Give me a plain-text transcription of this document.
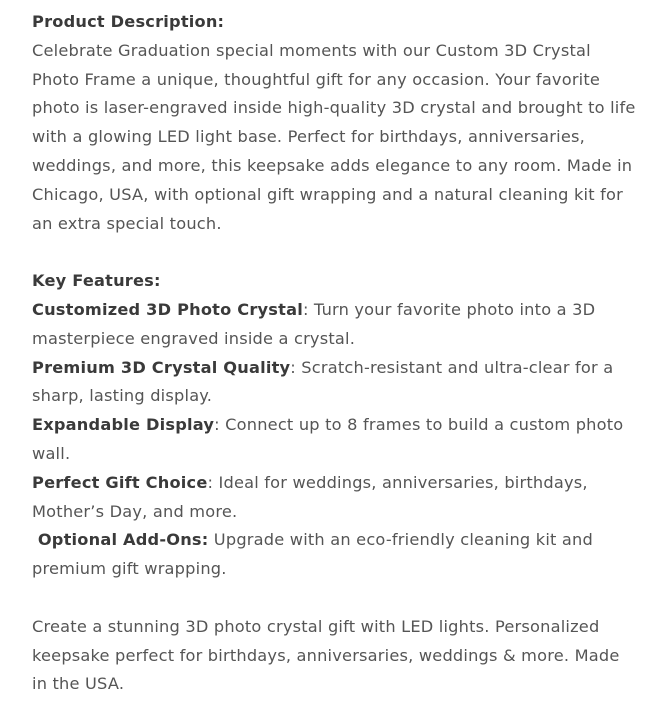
Product Description:

Celebrate Graduation special moments with our Custom 3D Crystal Photo Frame a unique, thoughtful gift for any occasion. Your favorite photo is laser-engraved inside high-quality 3D crystal and brought to life with a glowing LED light base. Perfect for birthdays, anniversaries, weddings, and more, this keepsake adds elegance to any room. Made in Chicago, USA, with optional gift wrapping and a natural cleaning kit for an extra special touch.

Key Features:

Customized 3D Photo Crystal: Turn your favorite photo into a 3D masterpiece engraved inside a crystal.

Premium 3D Crystal Quality: Scratch-resistant and ultra-clear for a sharp, lasting display.

Expandable Display: Connect up to 8 frames to build a custom photo wall.

Perfect Gift Choice: Ideal for weddings, anniversaries, birthdays, Mother’s Day, and more.

Optional Add-Ons: Upgrade with an eco-friendly cleaning kit and premium gift wrapping.

Create a stunning 3D photo crystal gift with LED lights. Personalized keepsake perfect for birthdays, anniversaries, weddings & more. Made in the USA.
